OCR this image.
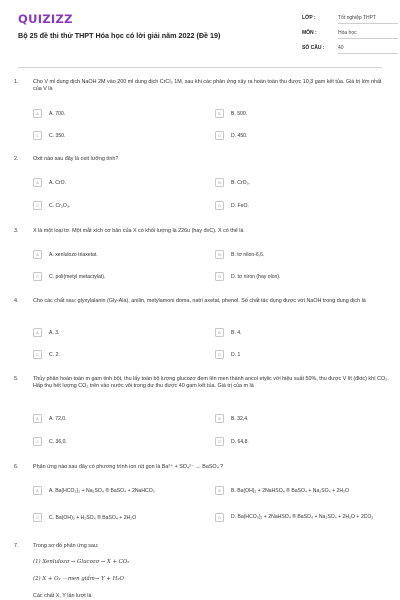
QUIZIZZ
Bộ 25 đề thi thử THPT Hóa học có lời giải năm 2022 (Đề 19)
LỚP :	Tốt nghiệp THPT
MÔN :	Hóa học
SỐ CÂU :	40
1.	Cho V ml dung dịch NaOH 2M vào 200 ml dung dịch CrCl₃ 1M, sau khi các phản ứng xảy ra hoàn toàn thu được 10,3 gam kết tủa. Giá trị lớn nhất của V là
A	A. 700.	B	B. 500.
C	C. 350.	D	D. 450.
2.	Oxit nào sau đây là oxit lưỡng tính?
A	A. CrO.	B	B. CrO₃.
C	C. Cr₂O₃.	D	D. FeO.
3.	X là một loại tơ. Một mắt xích cơ bản của X có khối lượng là 226u (hay đvC). X có thể là
A	A. xenlulozo triaxetat.	B	B. tơ nilon-6,6.
C	C. poli(metyl metacrylat).	D	D. tơ niron (hay olon).
4.	Cho các chất sau: glyxylalanin (Gly-Ala), anilin, metylamoni doma, natri axetat, phenol. Số chất tác dụng được với NaOH trong dung dịch là
A	A. 3.	B	B. 4.
C	C. 2.	D	D. 1
5.	Thủy phân hoàn toàn m gam tinh bột, thu lấy toàn bộ lượng glucozơ đem lên men thành ancol etylic với hiệu suất 50%, thu được V lít (đktc) khí CO₂. Hấp thụ hết lượng CO₂ trên vào nước vôi trong dư thu được 40 gam kết tủa. Giá trị của m là
A	A. 72,0.	B	B. 32,4.
C	C. 36,0.	D	D. 64,8.
6.	Phản ứng nào sau đây có phương trình ion rút gọn là Ba²⁺ + SO₄²⁻ → BaSO₄ ?
A	A. Ba(HCO₃)₂ + Na₂SO₄ ® BaSO₄ + 2NaHCO₃	B	B. Ba(OH)₂ + 2NaHSO₄ ® BaSO₄ + Na₂SO₄ + 2H₂O
C	C. Ba(OH)₂ + H₂SO₄ ® BaSO₄ + 2H₂O	D	D. Ba(HCO₃)₂ + 2NaHSO₄ ® BaSO₄ + Na₂SO₄ + 2H₂O + 2CO₂
7.	Trong sơ đồ phản ứng sau:
(1) Xenlulozơ → Glucozơ → X + CO₂
(2) X + O₂ —men giấm→ Y + H₂O
Các chất X, Y lần lượt là
